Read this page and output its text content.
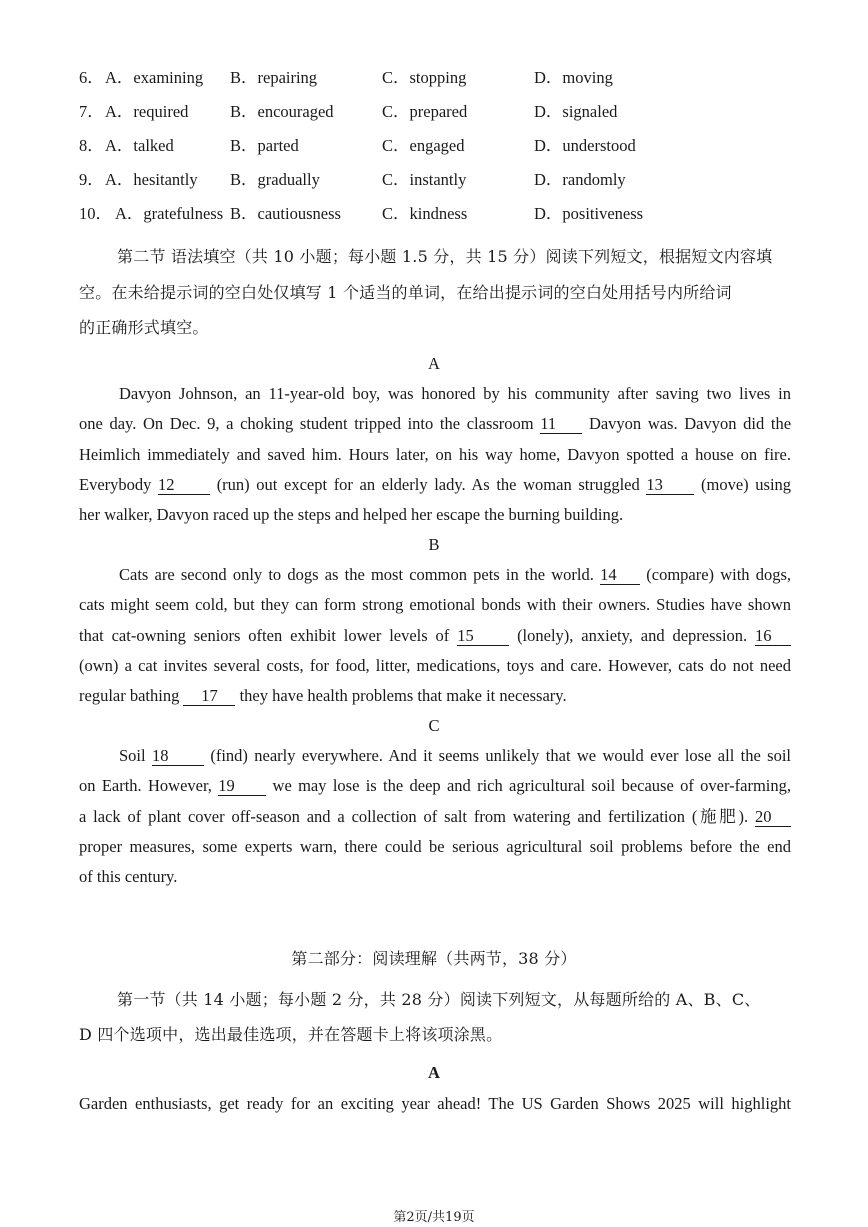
6． A．examining B．repairing	C．stopping	D．moving
7． A．required	B．encouraged	C．prepared	D．signaled
8． A．talked	B．parted	C．engaged	D．understood
9． A．hesitantly B．gradually	C．instantly	D．randomly
10． A．gratefulness B．cautiousness C．kindness	D．positiveness
第二节 语法填空（共 10 小题；每小题 1.5 分，共 15 分）阅读下列短文，根据短文内容填
空。在未给提示词的空白处仅填写 1 个适当的单词，在给出提示词的空白处用括号内所给词
的正确形式填空。
A
Davyon Johnson, an 11-year-old boy, was honored by his community after saving two lives in
one day. On Dec. 9, a choking student tripped into the classroom 11 Davyon was. Davyon did the
Heimlich immediately and saved him. Hours later, on his way home, Davyon spotted a house on fire.
Everybody 12	(run) out except for an elderly lady. As the woman struggled 13 (move) using
her walker, Davyon raced up the steps and helped her escape the burning building.
B
Cats are second only to dogs as the most common pets in the world. 14 (compare) with dogs,
cats might seem cold, but they can form strong emotional bonds with their owners. Studies have shown
that cat-owning seniors often exhibit lower levels of 15	(lonely), anxiety, and depression. 16
(own) a cat invites several costs, for food, litter, medications, toys and care. However, cats do not need
regular bathing 17 they have health problems that make it necessary.
C
Soil 18	(find) nearly everywhere. And it seems unlikely that we would ever lose all the soil
on Earth. However, 19 we may lose is the deep and rich agricultural soil because of over-farming,
a lack of plant cover off-season and a collection of salt from watering and fertilization (施肥). 20
proper measures, some experts warn, there could be serious agricultural soil problems before the end
of this century.
第二部分：阅读理解（共两节，38 分）
第一节（共 14 小题；每小题 2 分，共 28 分）阅读下列短文，从每题所给的 A、B、C、
D 四个选项中，选出最佳选项，并在答题卡上将该项涂黑。
A
Garden enthusiasts, get ready for an exciting year ahead! The US Garden Shows 2025 will highlight
第2页/共19页
